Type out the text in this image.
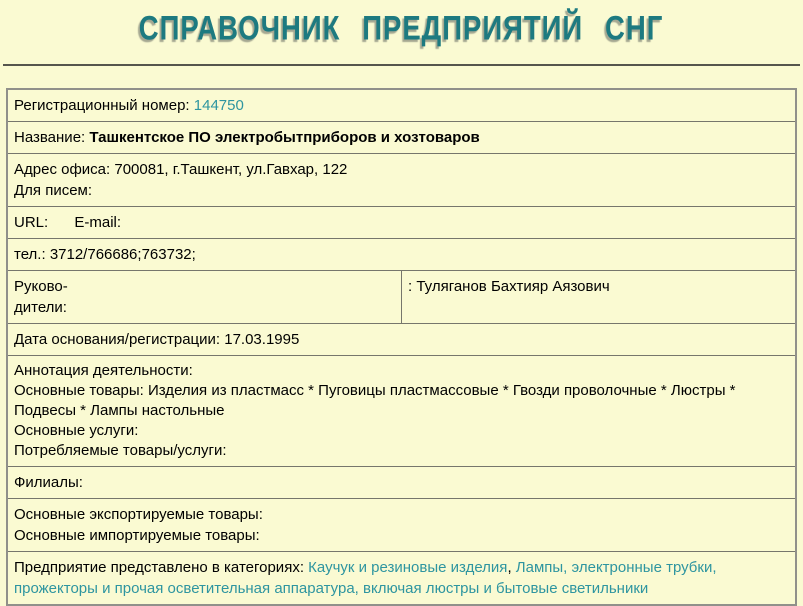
СПРАВОЧНИК ПРЕДПРИЯТИЙ СНГ
Регистрационный номер: 144750
Название: Ташкентское ПО электробытприборов и хозтоваров

Адрес офиса: 700081, г.Ташкент, ул.Гавхар, 122
Для писем:

URL: E-mail:
тел.: 3712/766686;763732;

Руково-
дители:
	: Туляганов Бахтияр Аязович
Дата основания/регистрации: 17.03.1995

Аннотация деятельности:
Основные товары: Изделия из пластмасс * Пуговицы пластмассовые * Гвозди проволочные * Люстры * Подвесы * Лампы настольные
Основные услуги:
Потребляемые товары/услуги:

Филиалы:

Основные экспортируемые товары:
Основные импортируемые товары:

Предприятие представлено в категориях: Каучук и резиновые изделия, Лампы, электронные трубки, прожекторы и прочая осветительная аппаратура, включая люстры и бытовые светильники
